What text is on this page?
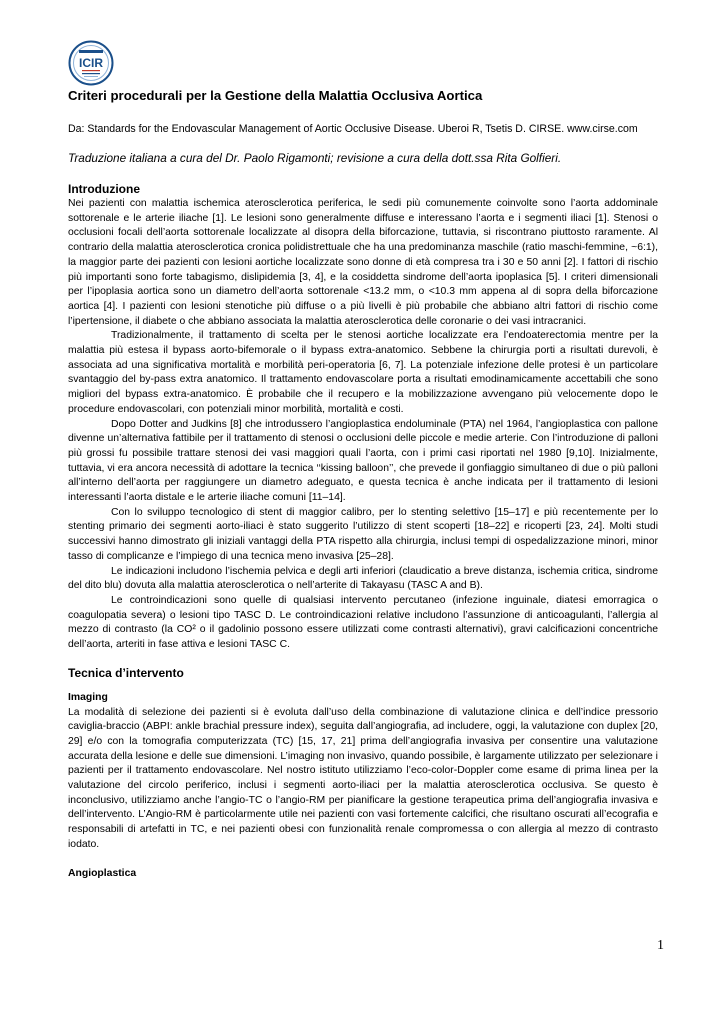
ICIR
Criteri procedurali per la Gestione della Malattia Occlusiva Aortica
Da: Standards for the Endovascular Management of Aortic Occlusive Disease. Uberoi R, Tsetis D. CIRSE. www.cirse.com
Traduzione italiana a cura del Dr. Paolo Rigamonti; revisione a cura della dott.ssa Rita Golfieri.
Introduzione

Nei pazienti con malattia ischemica aterosclerotica periferica, le sedi più comunemente coinvolte sono l’aorta addominale sottorenale e le arterie iliache [1]. Le lesioni sono generalmente diffuse e interessano l’aorta e i segmenti iliaci [1]. Stenosi o occlusioni focali dell’aorta sottorenale localizzate al disopra della biforcazione, tuttavia, si riscontrano piuttosto raramente. Al contrario della malattia aterosclerotica cronica polidistrettuale che ha una predominanza maschile (ratio maschi-femmine, ~6:1), la maggior parte dei pazienti con lesioni aortiche localizzate sono donne di età compresa tra i 30 e 50 anni [2]. I fattori di rischio più importanti sono forte tabagismo, dislipidemia [3, 4], e la cosiddetta sindrome dell’aorta ipoplasica [5]. I criteri dimensionali per l’ipoplasia aortica sono un diametro dell’aorta sottorenale <13.2 mm, o <10.3 mm appena al di sopra della biforcazione aortica [4]. I pazienti con lesioni stenotiche più diffuse o a più livelli è più probabile che abbiano altri fattori di rischio come l’ipertensione, il diabete o che abbiano associata la malattia aterosclerotica delle coronarie o dei vasi intracranici.

Tradizionalmente, il trattamento di scelta per le stenosi aortiche localizzate era l’endoaterectomia mentre per la malattia più estesa il bypass aorto-bifemorale o il bypass extra-anatomico. Sebbene la chirurgia porti a risultati durevoli, è associata ad una significativa mortalità e morbilità peri-operatoria [6, 7]. La potenziale infezione delle protesi è un particolare svantaggio del by-pass extra anatomico. Il trattamento endovascolare porta a risultati emodinamicamente accettabili che sono migliori del bypass extra-anatomico. È probabile che il recupero e la mobilizzazione avvengano più velocemente dopo le procedure endovascolari, con potenziali minor morbilità, mortalità e costi.

Dopo Dotter and Judkins [8] che introdussero l’angioplastica endoluminale (PTA) nel 1964, l’angioplastica con pallone divenne un’alternativa fattibile per il trattamento di stenosi o occlusioni delle piccole e medie arterie. Con l’introduzione di palloni più grossi fu possibile trattare stenosi dei vasi maggiori quali l’aorta, con i primi casi riportati nel 1980 [9,10]. Inizialmente, tuttavia, vi era ancora necessità di adottare la tecnica ‘‘kissing balloon’’, che prevede il gonfiaggio simultaneo di due o più palloni all’interno dell’aorta per raggiungere un diametro adeguato, e questa tecnica è anche indicata per il trattamento di lesioni interessanti l’aorta distale e le arterie iliache comuni [11–14].

Con lo sviluppo tecnologico di stent di maggior calibro, per lo stenting selettivo [15–17] e più recentemente per lo stenting primario dei segmenti aorto-iliaci è stato suggerito l’utilizzo di stent scoperti [18–22] e ricoperti [23, 24]. Molti studi successivi hanno dimostrato gli iniziali vantaggi della PTA rispetto alla chirurgia, inclusi tempi di ospedalizzazione minori, minor tasso di complicanze e l’impiego di una tecnica meno invasiva [25–28].

Le indicazioni includono l’ischemia pelvica e degli arti inferiori (claudicatio a breve distanza, ischemia critica, sindrome del dito blu) dovuta alla malattia aterosclerotica o nell’arterite di Takayasu (TASC A and B).

Le controindicazioni sono quelle di qualsiasi intervento percutaneo (infezione inguinale, diatesi emorragica o coagulopatia severa) o lesioni tipo TASC D. Le controindicazioni relative includono l’assunzione di anticoagulanti, l’allergia al mezzo di contrasto (la CO² o il gadolinio possono essere utilizzati come contrasti alternativi), gravi calcificazioni concentriche dell’aorta, arteriti in fase attiva e lesioni TASC C.

Tecnica d’intervento
Imaging

La modalità di selezione dei pazienti si è evoluta dall’uso della combinazione di valutazione clinica e dell’indice pressorio caviglia-braccio (ABPI: ankle brachial pressure index), seguita dall’angiografia, ad includere, oggi, la valutazione con duplex [20, 29] e/o con la tomografia computerizzata (TC) [15, 17, 21] prima dell’angiografia invasiva per consentire una valutazione accurata della lesione e delle sue dimensioni. L’imaging non invasivo, quando possibile, è largamente utilizzato per selezionare i pazienti per il trattamento endovascolare. Nel nostro istituto utilizziamo l’eco-color-Doppler come esame di prima linea per la valutazione del circolo periferico, inclusi i segmenti aorto-iliaci per la malattia aterosclerotica occlusiva. Se questo è inconclusivo, utilizziamo anche l’angio-TC o l’angio-RM per pianificare la gestione terapeutica prima dell’angiografia invasiva e dell’intervento. L’Angio-RM è particolarmente utile nei pazienti con vasi fortemente calcifici, che risultano oscurati all’ecografia e responsabili di artefatti in TC, e nei pazienti obesi con funzionalità renale compromessa o con allergia al mezzo di contrasto iodato.

Angioplastica
1
